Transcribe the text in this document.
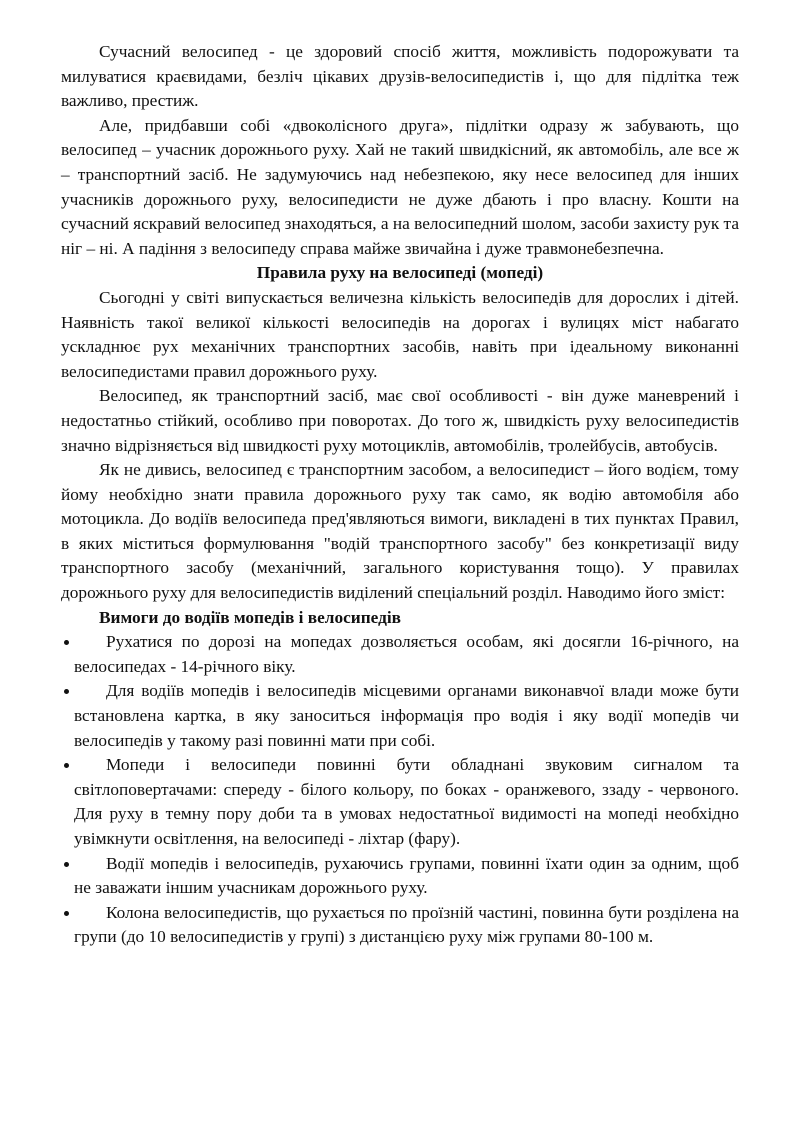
Сучасний велосипед - це здоровий спосіб життя, можливість подорожувати та милуватися краєвидами, безліч цікавих друзів-велосипедистів і, що для підлітка теж важливо, престиж.

Але, придбавши собі «двоколісного друга», підлітки одразу ж забувають, що велосипед – учасник дорожнього руху. Хай не такий швидкісний, як автомобіль, але все ж – транспортний засіб. Не задумуючись над небезпекою, яку несе велосипед для інших учасників дорожнього руху, велосипедисти не дуже дбають і про власну. Кошти на сучасний яскравий велосипед знаходяться, а на велосипедний шолом, засоби захисту рук та ніг – ні. А падіння з велосипеду справа майже звичайна і дуже травмонебезпечна.

Правила руху на велосипеді (мопеді)

Сьогодні у світі випускається величезна кількість велосипедів для дорослих і дітей. Наявність такої великої кількості велосипедів на дорогах і вулицях міст набагато ускладнює рух механічних транспортних засобів, навіть при ідеальному виконанні велосипедистами правил дорожнього руху.

Велосипед, як транспортний засіб, має свої особливості - він дуже маневрений і недостатньо стійкий, особливо при поворотах. До того ж, швидкість руху велосипедистів значно відрізняється від швидкості руху мотоциклів, автомобілів, тролейбусів, автобусів.

Як не дивись, велосипед є транспортним засобом, а велосипедист – його водієм, тому йому необхідно знати правила дорожнього руху так само, як водію автомобіля або мотоцикла. До водіїв велосипеда пред'являються вимоги, викладені в тих пунктах Правил, в яких міститься формулювання "водій транспортного засобу" без конкретизації виду транспортного засобу (механічний, загального користування тощо). У правилах дорожнього руху для велосипедистів виділений спеціальний розділ. Наводимо його зміст:

Вимоги до водіїв мопедів і велосипедів
Рухатися по дорозі на мопедах дозволяється особам, які досягли 16-річного, на велосипедах - 14-річного віку.
Для водіїв мопедів і велосипедів місцевими органами виконавчої влади може бути встановлена картка, в яку заноситься інформація про водія і яку водії мопедів чи велосипедів у такому разі повинні мати при собі.
Мопеди і велосипеди повинні бути обладнані звуковим сигналом та світлоповертачами: спереду - білого кольору, по боках - оранжевого, ззаду - червоного. Для руху в темну пору доби та в умовах недостатньої видимості на мопеді необхідно увімкнути освітлення, на велосипеді - ліхтар (фару).
Водії мопедів і велосипедів, рухаючись групами, повинні їхати один за одним, щоб не заважати іншим учасникам дорожнього руху.
Колона велосипедистів, що рухається по проїзній частині, повинна бути розділена на групи (до 10 велосипедистів у групі) з дистанцією руху між групами 80-100 м.
